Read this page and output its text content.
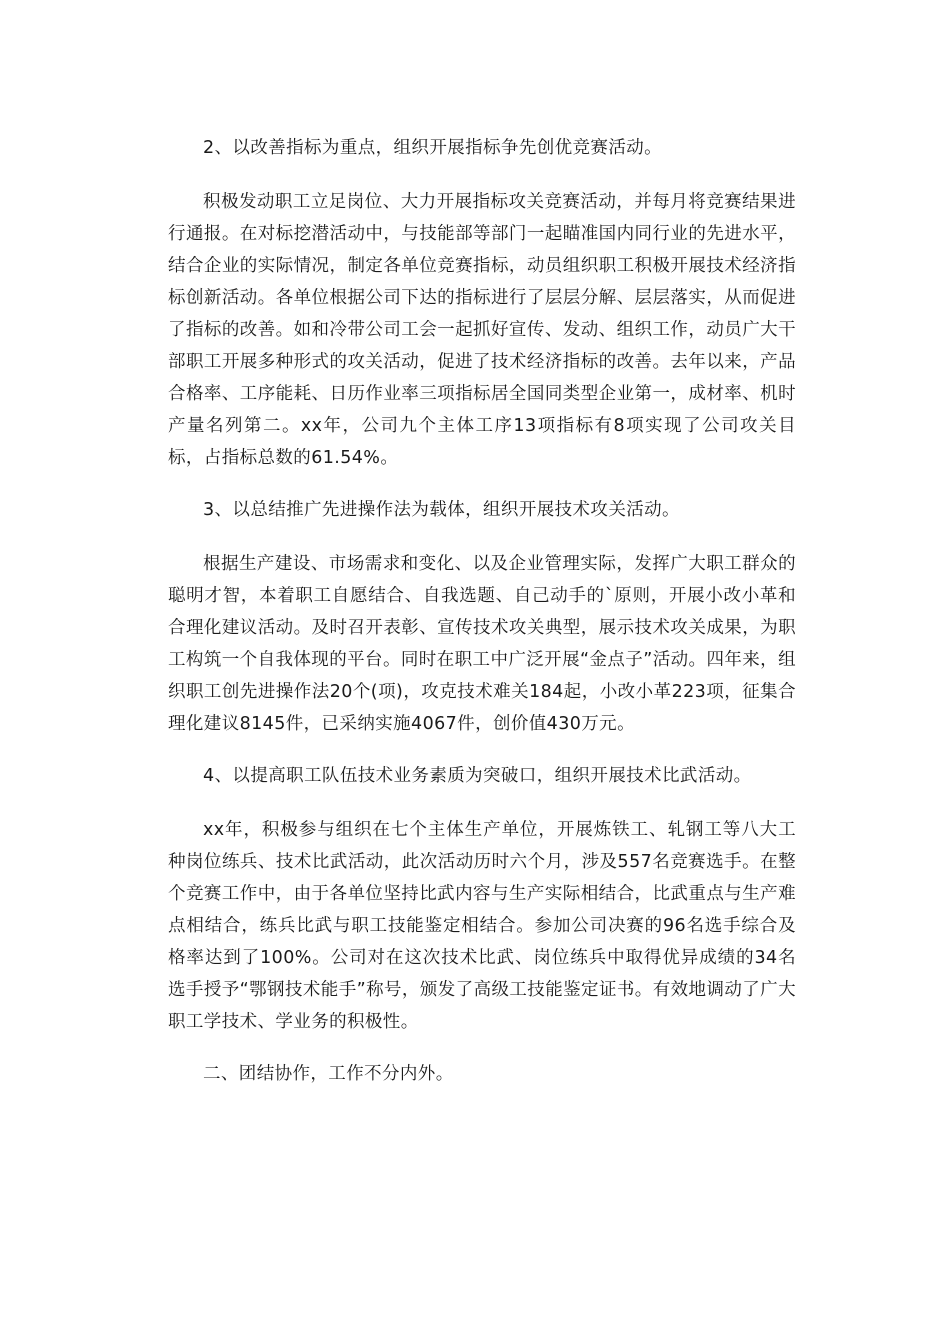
2、以改善指标为重点，组织开展指标争先创优竞赛活动。

积极发动职工立足岗位、大力开展指标攻关竞赛活动，并每月将竞赛结果进行通报。在对标挖潜活动中，与技能部等部门一起瞄准国内同行业的先进水平，结合企业的实际情况，制定各单位竞赛指标，动员组织职工积极开展技术经济指标创新活动。各单位根据公司下达的指标进行了层层分解、层层落实，从而促进了指标的改善。如和冷带公司工会一起抓好宣传、发动、组织工作，动员广大干部职工开展多种形式的攻关活动，促进了技术经济指标的改善。去年以来，产品合格率、工序能耗、日历作业率三项指标居全国同类型企业第一，成材率、机时产量名列第二。xx年，公司九个主体工序13项指标有8项实现了公司攻关目标，占指标总数的61.54%。

3、以总结推广先进操作法为载体，组织开展技术攻关活动。

根据生产建设、市场需求和变化、以及企业管理实际，发挥广大职工群众的聪明才智，本着职工自愿结合、自我选题、自己动手的`原则，开展小改小革和合理化建议活动。及时召开表彰、宣传技术攻关典型，展示技术攻关成果，为职工构筑一个自我体现的平台。同时在职工中广泛开展“金点子”活动。四年来，组织职工创先进操作法20个(项)，攻克技术难关184起，小改小革223项，征集合理化建议8145件，已采纳实施4067件，创价值430万元。

4、以提高职工队伍技术业务素质为突破口，组织开展技术比武活动。

xx年，积极参与组织在七个主体生产单位，开展炼铁工、轧钢工等八大工种岗位练兵、技术比武活动，此次活动历时六个月，涉及557名竞赛选手。在整个竞赛工作中，由于各单位坚持比武内容与生产实际相结合，比武重点与生产难点相结合，练兵比武与职工技能鉴定相结合。参加公司决赛的96名选手综合及格率达到了100%。公司对在这次技术比武、岗位练兵中取得优异成绩的34名选手授予“鄂钢技术能手”称号，颁发了高级工技能鉴定证书。有效地调动了广大职工学技术、学业务的积极性。

二、团结协作，工作不分内外。
